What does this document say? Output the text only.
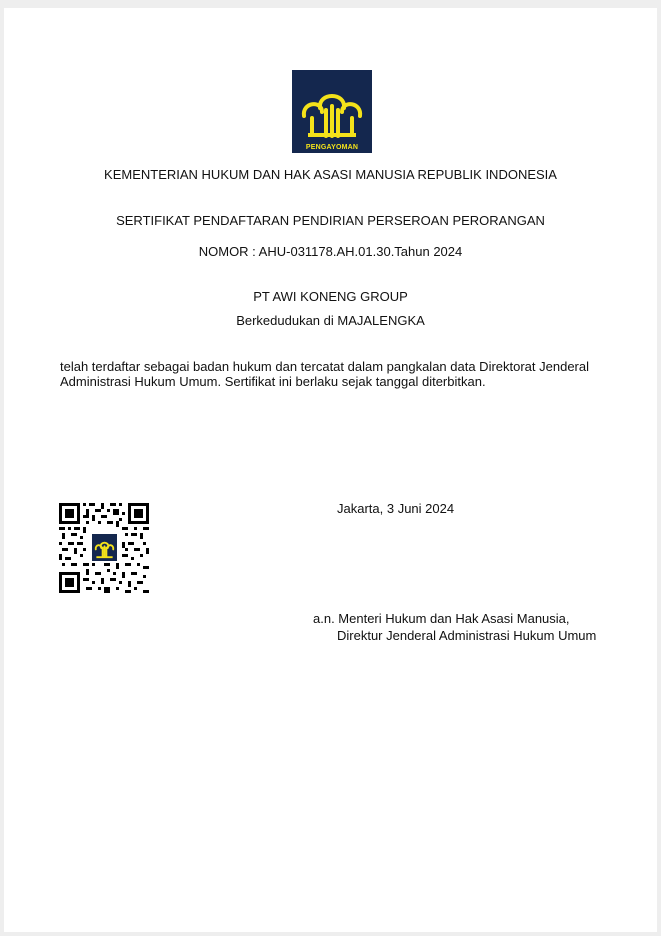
PENGAYOMAN
KEMENTERIAN HUKUM DAN HAK ASASI MANUSIA REPUBLIK INDONESIA
SERTIFIKAT PENDAFTARAN PENDIRIAN PERSEROAN PERORANGAN
NOMOR : AHU-031178.AH.01.30.Tahun 2024
PT AWI KONENG GROUP
Berkedudukan di MAJALENGKA
telah terdaftar sebagai badan hukum dan tercatat dalam pangkalan data Direktorat Jenderal
Administrasi Hukum Umum. Sertifikat ini berlaku sejak tanggal diterbitkan.
Jakarta, 3 Juni 2024
a.n. Menteri Hukum dan Hak Asasi Manusia,
Direktur Jenderal Administrasi Hukum Umum
